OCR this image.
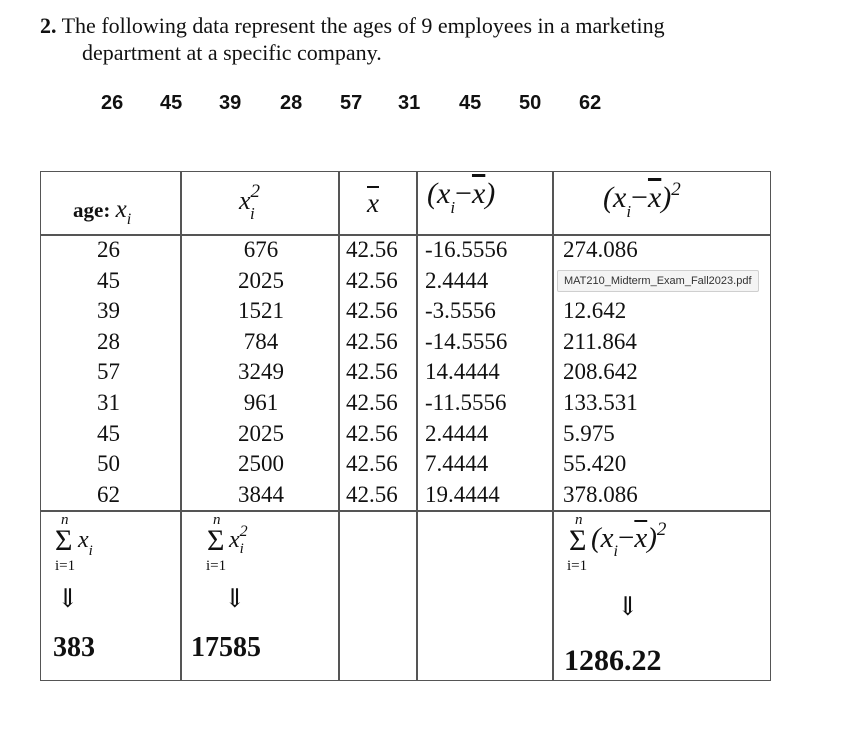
2. The following data represent the ages of 9 employees in a marketing
department at a specific company.
26 45 39 28 57 31 45 50 62
age: $x_i$
$x^2_i$	$\overline{x}$ $(x_i-\overline{x})$	$(x_i-\overline{x})^2$
26
45
39
28
57
31
45
50
62
676
2025
1521
784
3249
961
2025
2500
3844
42.56
42.56
42.56
42.56
42.56
42.56
42.56
42.56
42.56
-16.5556
2.4444
-3.5556
-14.5556
14.4444
-11.5556
2.4444
7.4444
19.4444
274.086
12.642
211.864
208.642
133.531
5.975
55.420
378.086
n
Σ $x_i$
i=1
⇓
383
n
Σ $x^2_i$
i=1
⇓
17585
n
Σ $(x_i-\overline{x})^2$
i=1
⇓
1286.22
MAT210_Midterm_Exam_Fall2023.pdf
